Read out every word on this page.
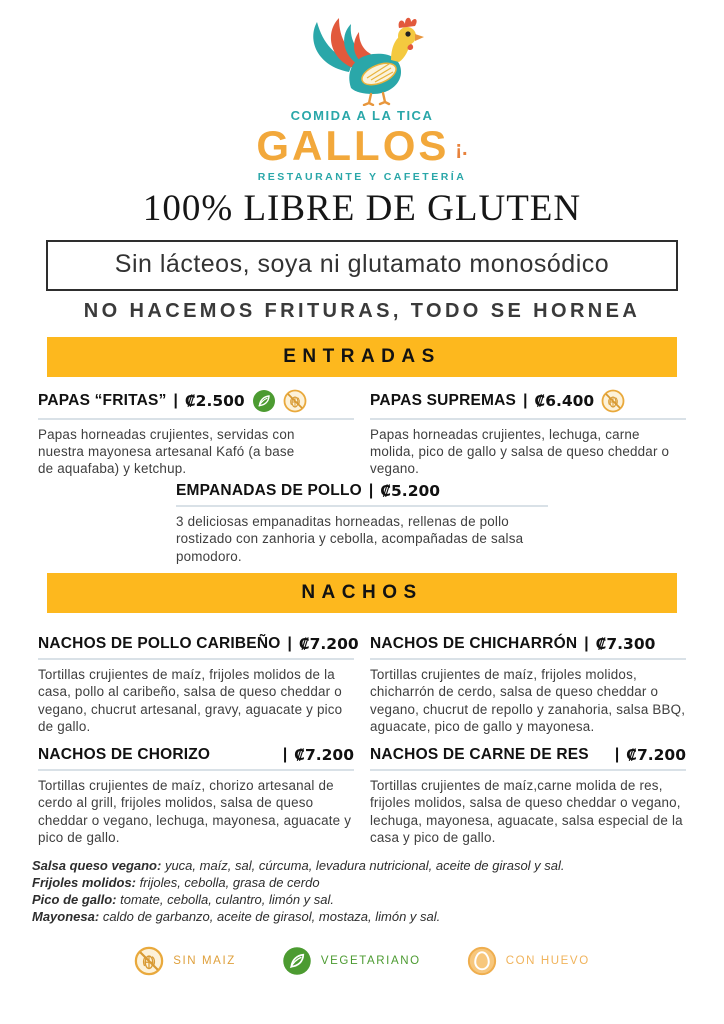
COMIDA A LA TICA
GALLOS ¡.
RESTAURANTE Y CAFETERÍA
100% LIBRE DE GLUTEN
Sin lácteos, soya ni glutamato monosódico
NO HACEMOS FRITURAS, TODO SE HORNEA
ENTRADAS
PAPAS “FRITAS” | ₡2.500

Papas horneadas crujientes, servidas con nuestra mayonesa artesanal Kafó (a base de aquafaba) y ketchup.

PAPAS SUPREMAS | ₡6.400

Papas horneadas crujientes, lechuga, carne molida, pico de gallo y salsa de queso cheddar o vegano.

EMPANADAS DE POLLO | ₡5.200

3 deliciosas empanaditas horneadas, rellenas de pollo rostizado con zanhoria y cebolla, acompañadas de salsa pomodoro.

NACHOS
NACHOS DE POLLO CARIBEÑO | ₡7.200

Tortillas crujientes de maíz, frijoles molidos de la casa, pollo al caribeño, salsa de queso cheddar o vegano, chucrut artesanal, gravy, aguacate y pico de gallo.

NACHOS DE CHICHARRÓN | ₡7.300

Tortillas crujientes de maíz, frijoles molidos, chicharrón de cerdo, salsa de queso cheddar o vegano, chucrut de repollo y zanahoria, salsa BBQ, aguacate, pico de gallo y mayonesa.

NACHOS DE CHORIZO	| ₡7.200

Tortillas crujientes de maíz, chorizo artesanal de cerdo al grill, frijoles molidos, salsa de queso cheddar o vegano, lechuga, mayonesa, aguacate y pico de gallo.

NACHOS DE CARNE DE RES | ₡7.200

Tortillas crujientes de maíz,carne molida de res, frijoles molidos, salsa de queso cheddar o vegano, lechuga, mayonesa, aguacate, salsa especial de la casa y pico de gallo.

Salsa queso vegano: yuca, maíz, sal, cúrcuma, levadura nutricional, aceite de girasol y sal.
Frijoles molidos: frijoles, cebolla, grasa de cerdo
Pico de gallo: tomate, cebolla, culantro, limón y sal.
Mayonesa: caldo de garbanzo, aceite de girasol, mostaza, limón y sal.
SIN MAIZ	VEGETARIANO	CON HUEVO
